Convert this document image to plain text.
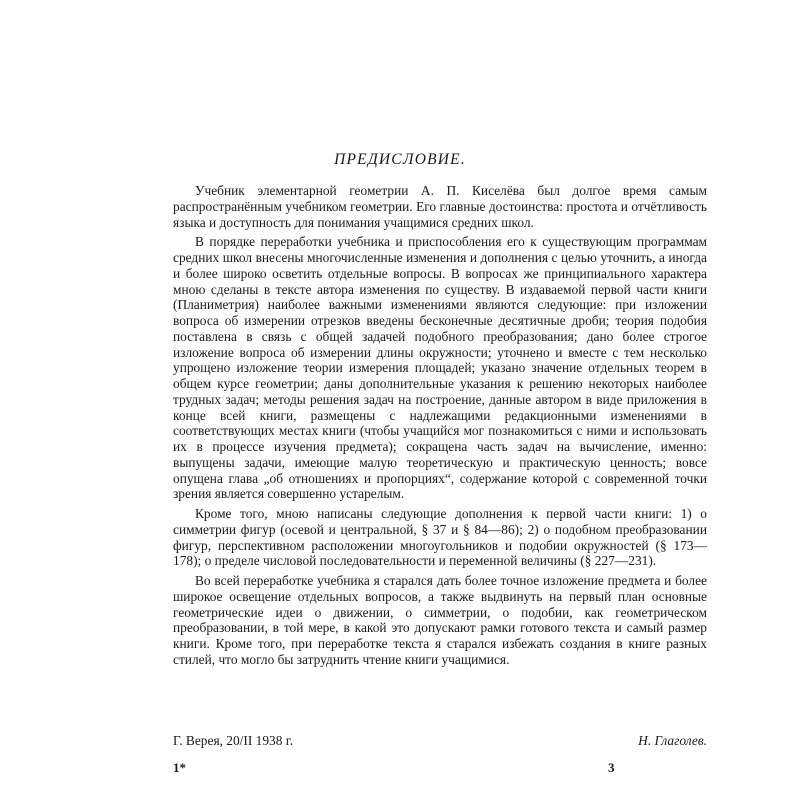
ПРЕДИСЛОВИЕ.

Учебник элементарной геометрии А. П. Киселёва был долгое время самым распространённым учебником геометрии. Его главные достоинства: простота и отчётливость языка и доступность для понимания учащимися средних школ.

В порядке переработки учебника и приспособления его к существующим программам средних школ внесены многочисленные изменения и дополнения с целью уточнить, а иногда и более широко осветить отдельные вопросы. В вопросах же принципиального характера мною сделаны в тексте автора изменения по существу. В издаваемой первой части книги (Планиметрия) наиболее важными изменениями являются следующие: при изложении вопроса об измерении отрезков введены бесконечные десятичные дроби; теория подобия поставлена в связь с общей задачей подобного преобразования; дано более строгое изложение вопроса об измерении длины окружности; уточнено и вместе с тем несколько упрощено изложение теории измерения площадей; указано значение отдельных теорем в общем курсе геометрии; даны дополнительные указания к решению некоторых наиболее трудных задач; методы решения задач на построение, данные автором в виде приложения в конце всей книги, размещены с надлежащими редакционными изменениями в соответствующих местах книги (чтобы учащийся мог познакомиться с ними и использовать их в процессе изучения предмета); сокращена часть задач на вычисление, именно: выпущены задачи, имеющие малую теоретическую и практическую ценность; вовсе опущена глава „об отношениях и пропорциях“, содержание которой с современной точки зрения является совершенно устарелым.

Кроме того, мною написаны следующие дополнения к первой части книги: 1) о симметрии фигур (осевой и центральной, § 37 и § 84—86); 2) о подобном преобразовании фигур, перспективном расположении многоугольников и подобии окружностей (§ 173—178); о пределе числовой последовательности и переменной величины (§ 227—231).

Во всей переработке учебника я старался дать более точное изложение предмета и более широкое освещение отдельных вопросов, а также выдвинуть на первый план основные геометрические идеи о движении, о симметрии, о подобии, как геометрическом преобразовании, в той мере, в какой это допускают рамки готового текста и самый размер книги. Кроме того, при переработке текста я старался избежать создания в книге разных стилей, что могло бы затруднить чтение книги учащимися.

Г. Верея, 20/II 1938 г.	Н. Глаголев.
1*	3
